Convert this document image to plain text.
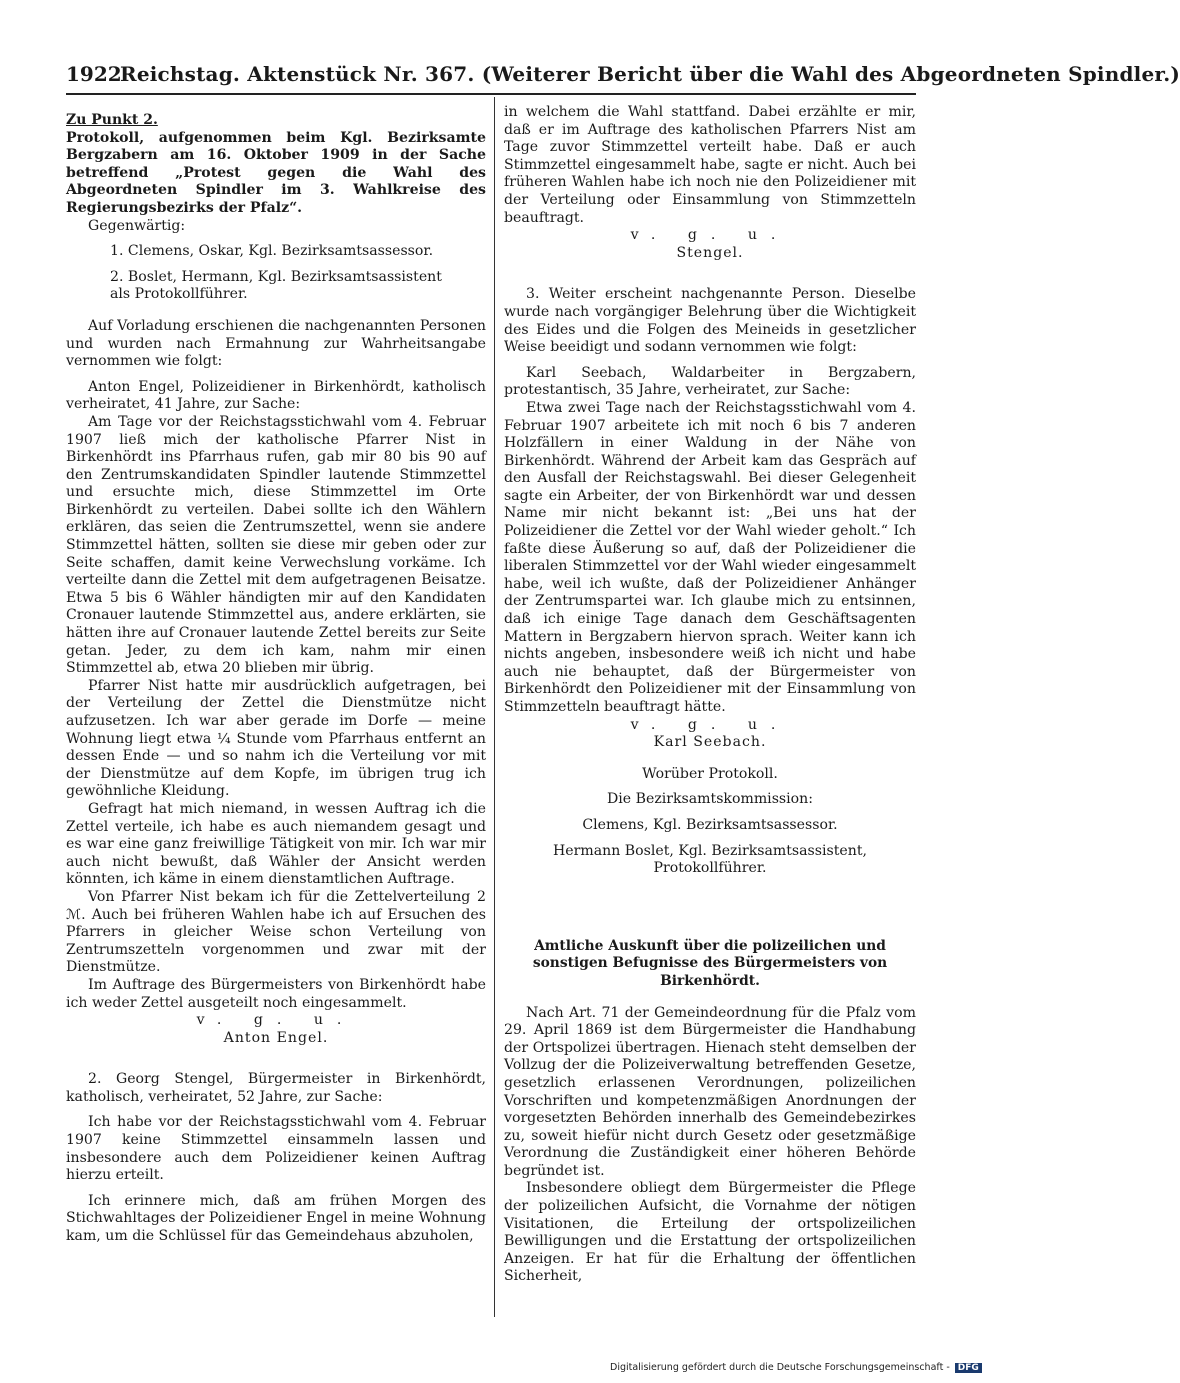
1922
Reichstag. Aktenstück Nr. 367. (Weiterer Bericht über die Wahl des Abgeordneten Spindler.)

Zu Punkt 2.

Protokoll, aufgenommen beim Kgl. Bezirksamte Bergzabern am 16. Oktober 1909 in der Sache betreffend „Protest gegen die Wahl des Abgeordneten Spindler im 3. Wahlkreise des Regierungsbezirks der Pfalz“.

Gegenwärtig:

1. Clemens, Oskar, Kgl. Bezirksamtsassessor.

2. Boslet, Hermann, Kgl. Bezirksamtsassistent

als Protokollführer.

Auf Vorladung erschienen die nachgenannten Personen und wurden nach Ermahnung zur Wahrheitsangabe vernommen wie folgt:

Anton Engel, Polizeidiener in Birkenhördt, katholisch verheiratet, 41 Jahre, zur Sache:

Am Tage vor der Reichstagsstichwahl vom 4. Februar 1907 ließ mich der katholische Pfarrer Nist in Birkenhördt ins Pfarrhaus rufen, gab mir 80 bis 90 auf den Zentrumskandidaten Spindler lautende Stimmzettel und ersuchte mich, diese Stimmzettel im Orte Birkenhördt zu verteilen. Dabei sollte ich den Wählern erklären, das seien die Zentrumszettel, wenn sie andere Stimmzettel hätten, sollten sie diese mir geben oder zur Seite schaffen, damit keine Verwechslung vorkäme. Ich verteilte dann die Zettel mit dem aufgetragenen Beisatze. Etwa 5 bis 6 Wähler händigten mir auf den Kandidaten Cronauer lautende Stimmzettel aus, andere erklärten, sie hätten ihre auf Cronauer lautende Zettel bereits zur Seite getan. Jeder, zu dem ich kam, nahm mir einen Stimmzettel ab, etwa 20 blieben mir übrig.

Pfarrer Nist hatte mir ausdrücklich aufgetragen, bei der Verteilung der Zettel die Dienstmütze nicht aufzusetzen. Ich war aber gerade im Dorfe — meine Wohnung liegt etwa ¼ Stunde vom Pfarrhaus entfernt an dessen Ende — und so nahm ich die Verteilung vor mit der Dienstmütze auf dem Kopfe, im übrigen trug ich gewöhnliche Kleidung.

Gefragt hat mich niemand, in wessen Auftrag ich die Zettel verteile, ich habe es auch niemandem gesagt und es war eine ganz freiwillige Tätigkeit von mir. Ich war mir auch nicht bewußt, daß Wähler der Ansicht werden könnten, ich käme in einem dienstamtlichen Auftrage.

Von Pfarrer Nist bekam ich für die Zettelverteilung 2 ℳ. Auch bei früheren Wahlen habe ich auf Ersuchen des Pfarrers in gleicher Weise schon Verteilung von Zentrumszetteln vorgenommen und zwar mit der Dienstmütze.

Im Auftrage des Bürgermeisters von Birkenhördt habe ich weder Zettel ausgeteilt noch eingesammelt.

v. g. u.

Anton Engel.

2. Georg Stengel, Bürgermeister in Birkenhördt, katholisch, verheiratet, 52 Jahre, zur Sache:

Ich habe vor der Reichstagsstichwahl vom 4. Februar 1907 keine Stimmzettel einsammeln lassen und insbesondere auch dem Polizeidiener keinen Auftrag hierzu erteilt.

Ich erinnere mich, daß am frühen Morgen des Stichwahltages der Polizeidiener Engel in meine Wohnung kam, um die Schlüssel für das Gemeindehaus abzuholen,

in welchem die Wahl stattfand. Dabei erzählte er mir, daß er im Auftrage des katholischen Pfarrers Nist am Tage zuvor Stimmzettel verteilt habe. Daß er auch Stimmzettel eingesammelt habe, sagte er nicht. Auch bei früheren Wahlen habe ich noch nie den Polizeidiener mit der Verteilung oder Einsammlung von Stimmzetteln beauftragt.

v. g. u.

Stengel.

3. Weiter erscheint nachgenannte Person. Dieselbe wurde nach vorgängiger Belehrung über die Wichtigkeit des Eides und die Folgen des Meineids in gesetzlicher Weise beeidigt und sodann vernommen wie folgt:

Karl Seebach, Waldarbeiter in Bergzabern, protestantisch, 35 Jahre, verheiratet, zur Sache:

Etwa zwei Tage nach der Reichstagsstichwahl vom 4. Februar 1907 arbeitete ich mit noch 6 bis 7 anderen Holzfällern in einer Waldung in der Nähe von Birkenhördt. Während der Arbeit kam das Gespräch auf den Ausfall der Reichstagswahl. Bei dieser Gelegenheit sagte ein Arbeiter, der von Birkenhördt war und dessen Name mir nicht bekannt ist: „Bei uns hat der Polizeidiener die Zettel vor der Wahl wieder geholt.“ Ich faßte diese Äußerung so auf, daß der Polizeidiener die liberalen Stimmzettel vor der Wahl wieder eingesammelt habe, weil ich wußte, daß der Polizeidiener Anhänger der Zentrumspartei war. Ich glaube mich zu entsinnen, daß ich einige Tage danach dem Geschäftsagenten Mattern in Bergzabern hiervon sprach. Weiter kann ich nichts angeben, insbesondere weiß ich nicht und habe auch nie behauptet, daß der Bürgermeister von Birkenhördt den Polizeidiener mit der Einsammlung von Stimmzetteln beauftragt hätte.

v. g. u.

Karl Seebach.

Worüber Protokoll.

Die Bezirksamtskommission:

Clemens, Kgl. Bezirksamtsassessor.

Hermann Boslet, Kgl. Bezirksamtsassistent,

Protokollführer.

Amtliche Auskunft über die polizeilichen und sonstigen Befugnisse des Bürgermeisters von Birkenhördt.

Nach Art. 71 der Gemeindeordnung für die Pfalz vom 29. April 1869 ist dem Bürgermeister die Handhabung der Ortspolizei übertragen. Hienach steht demselben der Vollzug der die Polizeiverwaltung betreffenden Gesetze, gesetzlich erlassenen Verordnungen, polizeilichen Vorschriften und kompetenzmäßigen Anordnungen der vorgesetzten Behörden innerhalb des Gemeindebezirkes zu, soweit hiefür nicht durch Gesetz oder gesetzmäßige Verordnung die Zuständigkeit einer höheren Behörde begründet ist.

Insbesondere obliegt dem Bürgermeister die Pflege der polizeilichen Aufsicht, die Vornahme der nötigen Visitationen, die Erteilung der ortspolizeilichen Bewilligungen und die Erstattung der ortspolizeilichen Anzeigen. Er hat für die Erhaltung der öffentlichen Sicherheit,

Digitalisierung gefördert durch die Deutsche Forschungsgemeinschaft - DFG
